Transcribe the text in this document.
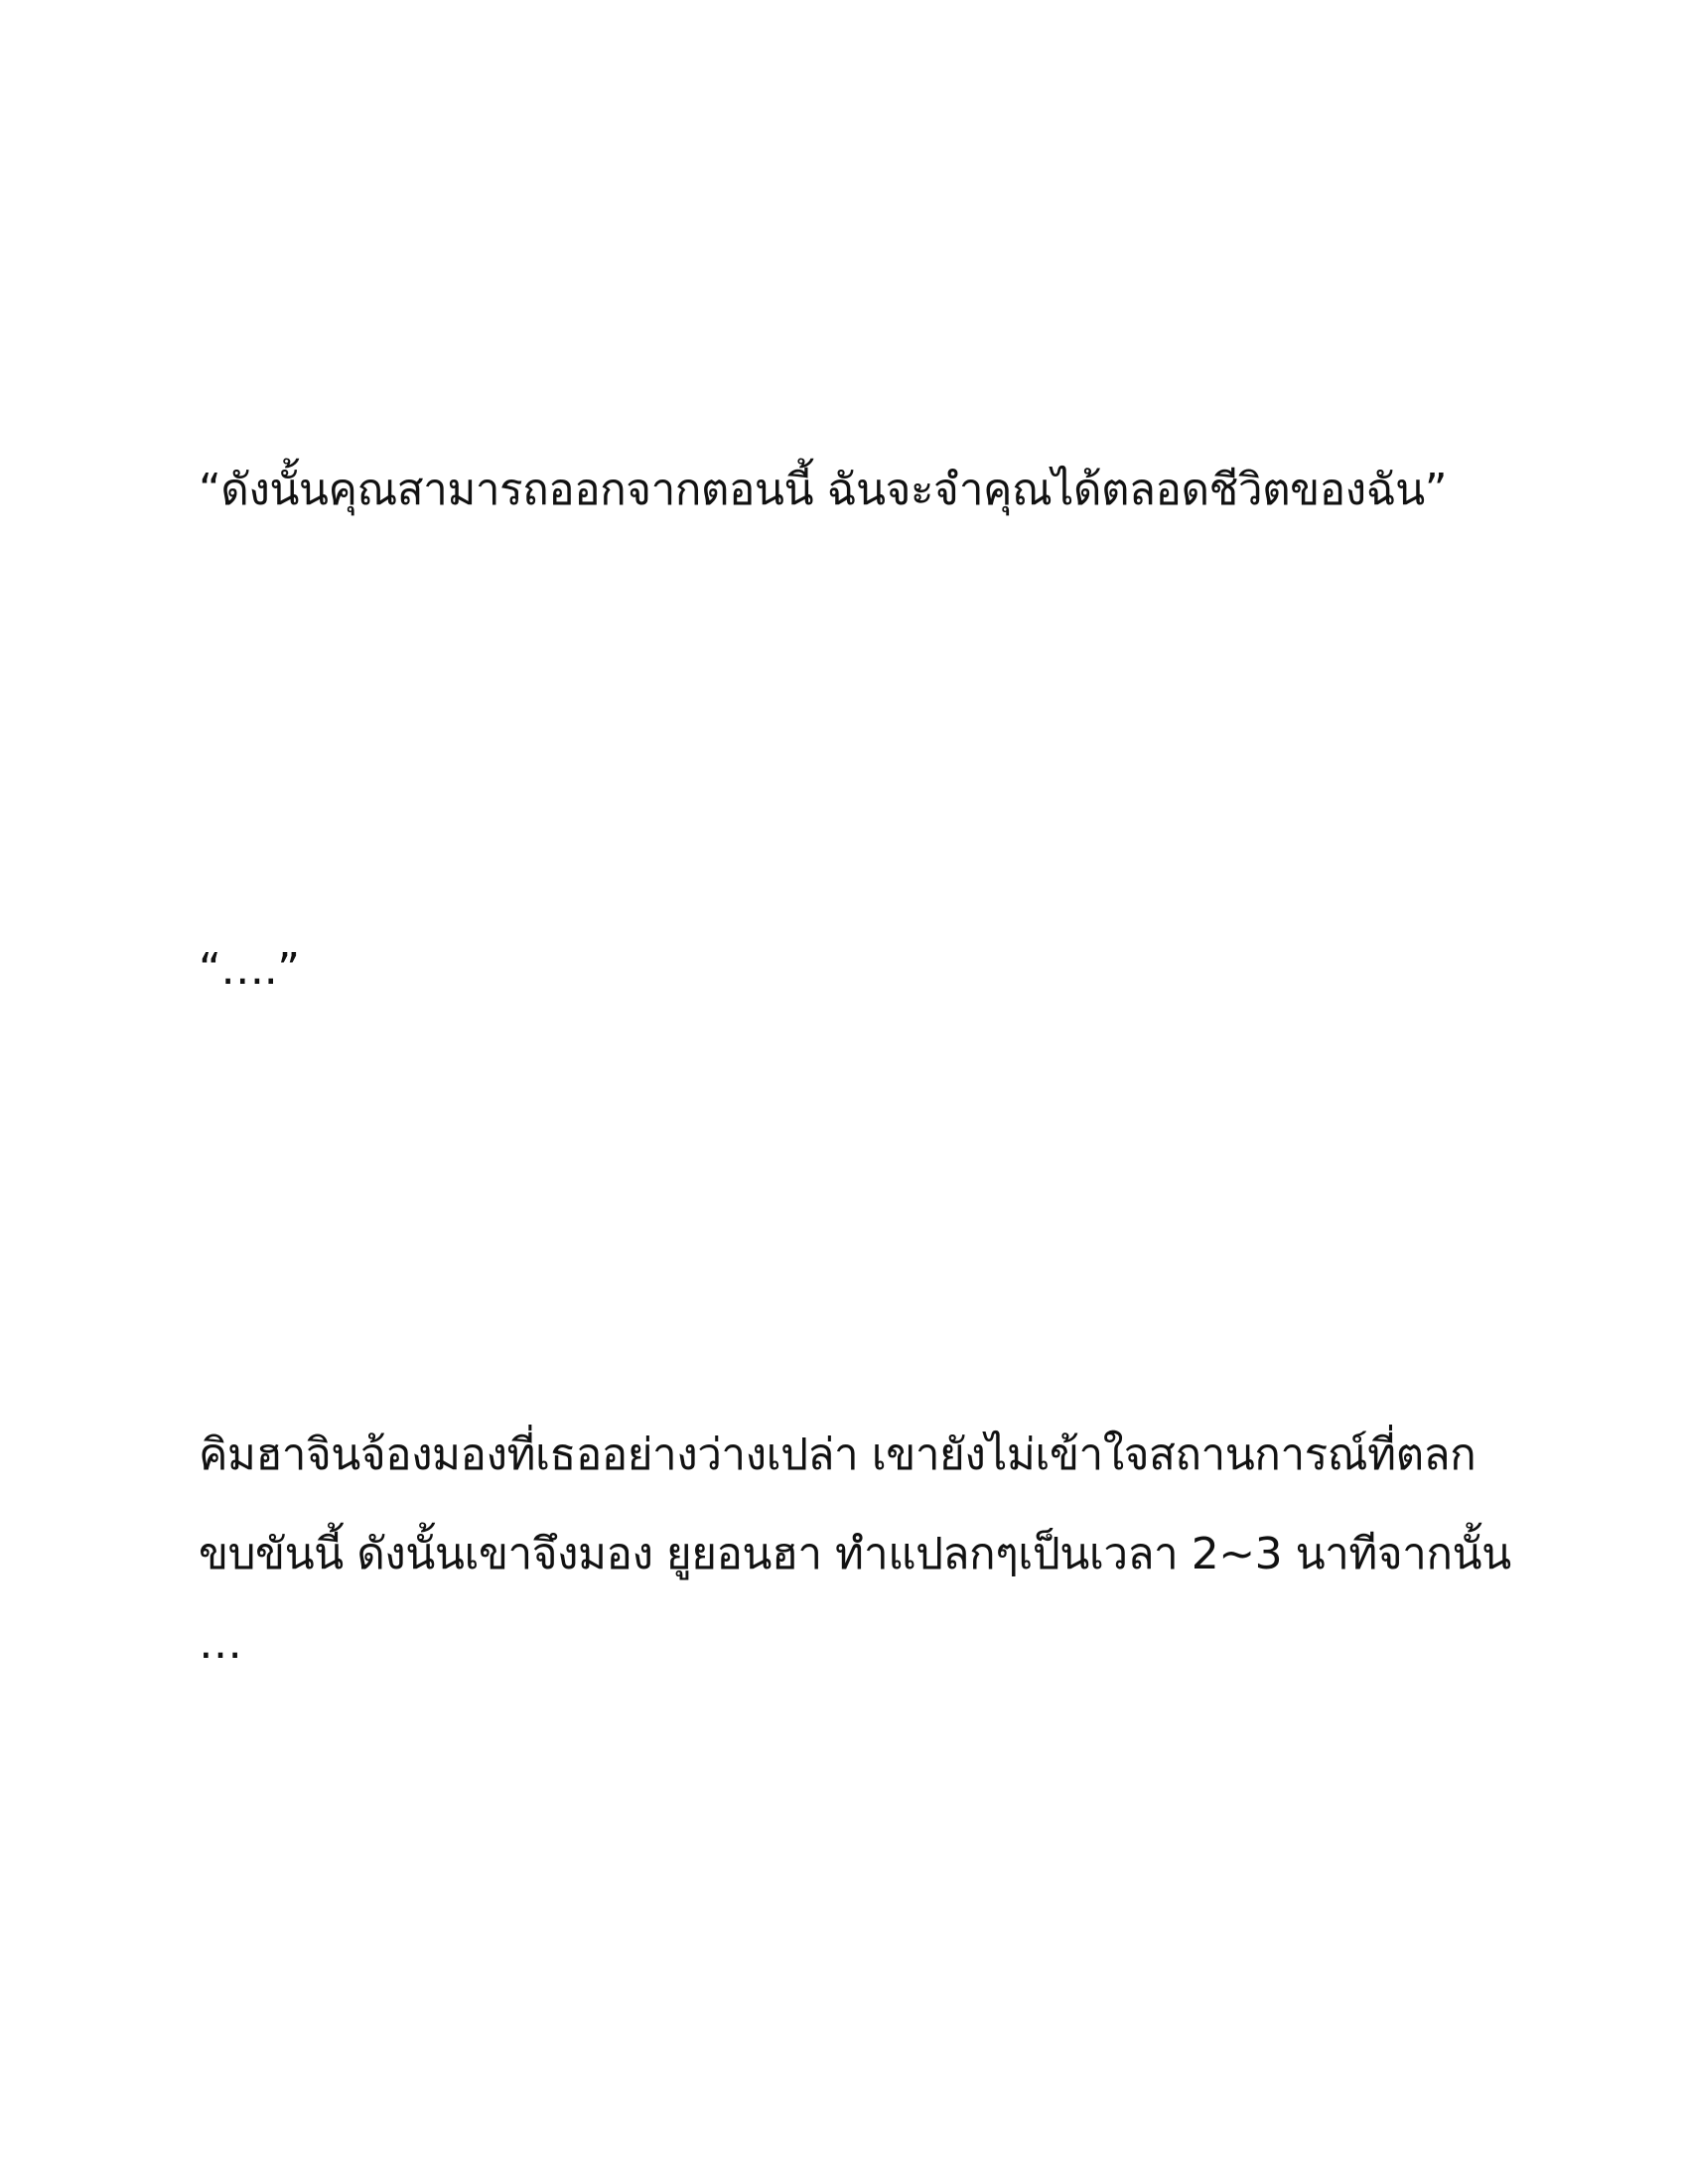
“ดังนั้นคุณสามารถออกจากตอนนี้ ฉันจะจำคุณได้ตลอดชีวิตของฉัน”

“….”

คิมฮาจินจ้องมองที่เธออย่างว่างเปล่า เขายังไม่เข้าใจสถานการณ์ที่ตลก

ขบขันนี้ ดังนั้นเขาจึงมอง ยูยอนฮา ทำแปลกๆเป็นเวลา 2~3 นาทีจากนั้น

…
